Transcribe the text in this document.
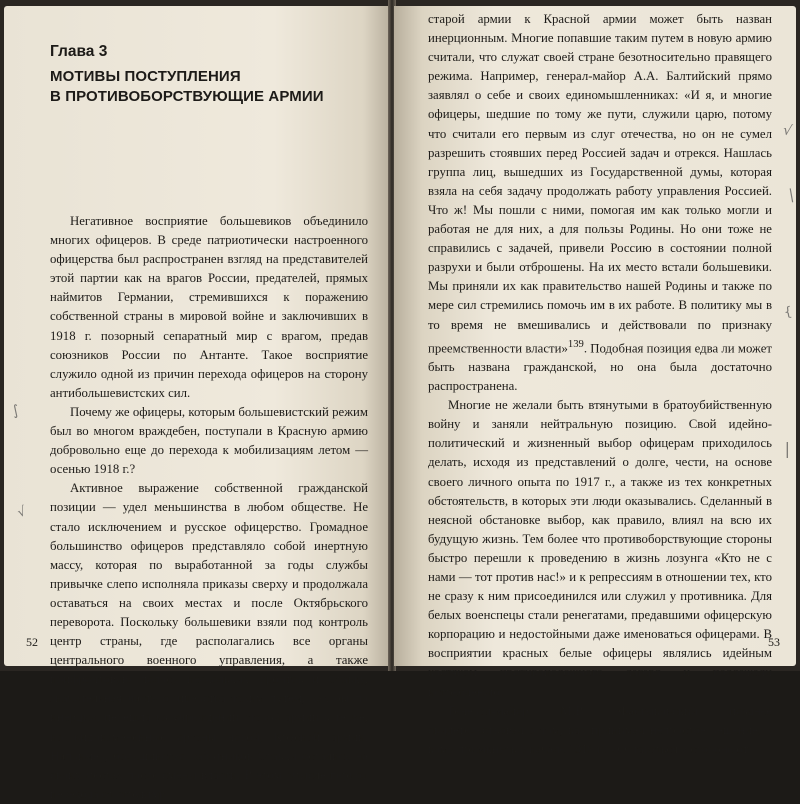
Глава 3

МОТИВЫ ПОСТУПЛЕНИЯ
В ПРОТИВОБОРСТВУЮЩИЕ АРМИИ

Негативное восприятие большевиков объединило многих офицеров. В среде патриотически настроенного офицерства был распространен взгляд на представителей этой партии как на врагов России, предателей, прямых наймитов Германии, стремившихся к поражению собственной страны в мировой войне и заключивших в 1918 г. позорный сепаратный мир с врагом, предав союзников России по Антанте. Такое восприятие служило одной из причин перехода офицеров на сторону антибольшевистских сил.

Почему же офицеры, которым большевистский режим был во многом враждебен, поступали в Красную армию добровольно еще до перехода к мобилизациям летом — осенью 1918 г.?

Активное выражение собственной гражданской позиции — удел меньшинства в любом обществе. Не стало исключением и русское офицерство. Громадное большинство офицеров представляло собой инертную массу, которая по выработанной за годы службы привычке слепо исполняла приказы сверху и продолжала оставаться на своих местах и после Октябрьского переворота. Поскольку большевики взяли под контроль центр страны, где располагались все органы центрального военного управления, а также прифронтовую полосу нескольких фронтов и Ставку, значительная часть офицерства таким путем, как бы по инерции, перешла из учреждений старой армии в те же, но видоизмененные органы новой, Красной армии. Например, большинство работников Ставки остались на своих местах после смены власти. В этом смысле период перехода от структур

∫
√
52

старой армии к Красной армии может быть назван инерционным. Многие попавшие таким путем в новую армию считали, что служат своей стране безотносительно правящего режима. Например, генерал-майор А.А. Балтийский прямо заявлял о себе и своих единомышленниках: «И я, и многие офицеры, шедшие по тому же пути, служили царю, потому что считали его первым из слуг отечества, но он не сумел разрешить стоявших перед Россией задач и отрекся. Нашлась группа лиц, вышедших из Государственной думы, которая взяла на себя задачу продолжать работу управления Россией. Что ж! Мы пошли с ними, помогая им как только могли и работая не для них, а для пользы Родины. Но они тоже не справились с задачей, привели Россию в состоянии полной разрухи и были отброшены. На их место встали большевики. Мы приняли их как правительство нашей Родины и также по мере сил стремились помочь им в их работе. В политику мы в то время не вмешивались и действовали по признаку преемственности власти»$^{139}$. Подобная позиция едва ли может быть названа гражданской, но она была достаточно распространена.

Многие не желали быть втянутыми в братоубийственную войну и заняли нейтральную позицию. Свой идейно-политический и жизненный выбор офицерам приходилось делать, исходя из представлений о долге, чести, на основе своего личного опыта по 1917 г., а также из тех конкретных обстоятельств, в которых эти люди оказывались. Сделанный в неясной обстановке выбор, как правило, влиял на всю их будущую жизнь. Тем более что противоборствующие стороны быстро перешли к проведению в жизнь лозунга «Кто не с нами — тот против нас!» и к репрессиям в отношении тех, кто не сразу к ним присоединился или служил у противника. Для белых военспецы стали ренегатами, предавшими офицерскую корпорацию и недостойными даже именоваться офицерами. В восприятии красных белые офицеры являлись идейным костяком противоположного лагеря и подлежали истреблению.

Генерал-майор М.В. Фастыковский позднее свидетельствовал о том, как принимал непростое решение, к кому примкнуть в начале 1919 г.: «Оставаться в стороне от

√
|
{
|
53
